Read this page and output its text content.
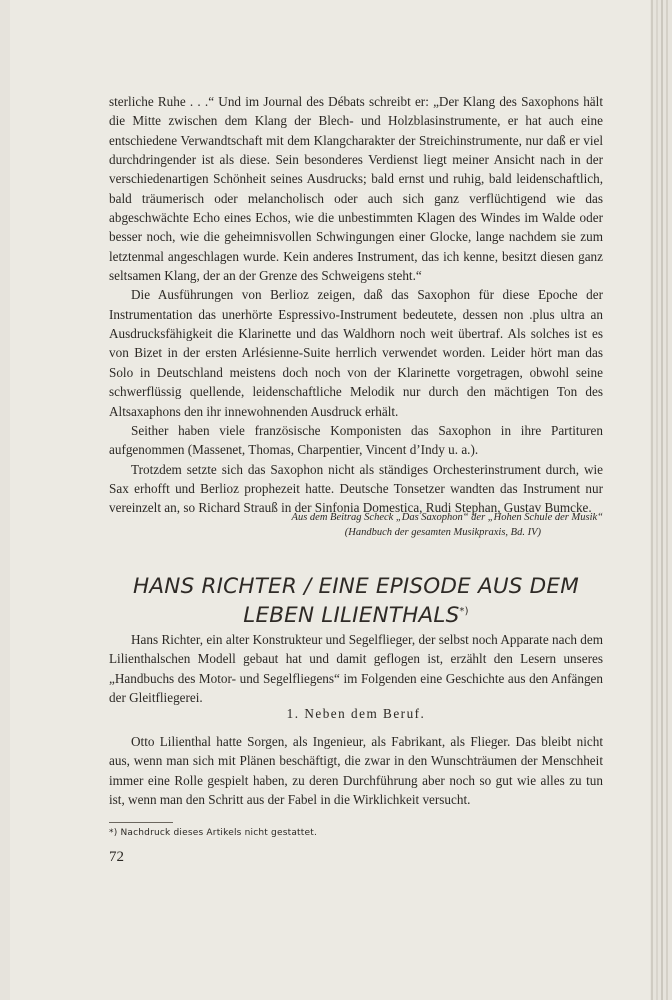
sterliche Ruhe . . .“ Und im Journal des Débats schreibt er: „Der Klang des Saxophons hält die Mitte zwischen dem Klang der Blech- und Holzblasinstrumente, er hat auch eine entschiedene Verwandtschaft mit dem Klangcharakter der Streichinstrumente, nur daß er viel durchdringender ist als diese. Sein besonderes Verdienst liegt meiner Ansicht nach in der verschiedenartigen Schönheit seines Ausdrucks; bald ernst und ruhig, bald leidenschaftlich, bald träumerisch oder melancholisch oder auch sich ganz verflüchtigend wie das abgeschwächte Echo eines Echos, wie die unbestimmten Klagen des Windes im Walde oder besser noch, wie die geheimnisvollen Schwingungen einer Glocke, lange nachdem sie zum letztenmal angeschlagen wurde. Kein anderes Instrument, das ich kenne, besitzt diesen ganz seltsamen Klang, der an der Grenze des Schweigens steht.“

Die Ausführungen von Berlioz zeigen, daß das Saxophon für diese Epoche der Instrumentation das unerhörte Espressivo-Instrument bedeutete, dessen non .plus ultra an Ausdrucksfähigkeit die Klarinette und das Waldhorn noch weit übertraf. Als solches ist es von Bizet in der ersten Arlésienne-Suite herrlich verwendet worden. Leider hört man das Solo in Deutschland meistens doch noch von der Klarinette vorgetragen, obwohl seine schwerflüssig quellende, leidenschaftliche Melodik nur durch den mächtigen Ton des Altsaxaphons den ihr innewohnenden Ausdruck erhält.

Seither haben viele französische Komponisten das Saxophon in ihre Partituren aufgenommen (Massenet, Thomas, Charpentier, Vincent d’Indy u. a.).

Trotzdem setzte sich das Saxophon nicht als ständiges Orchesterinstrument durch, wie Sax erhofft und Berlioz prophezeit hatte. Deutsche Tonsetzer wandten das Instrument nur vereinzelt an, so Richard Strauß in der Sinfonia Domestica, Rudi Stephan, Gustav Bumcke.

Aus dem Beitrag Scheck „Das Saxophon“ der „Hohen Schule der Musik“
(Handbuch der gesamten Musikpraxis, Bd. IV)
HANS RICHTER / EINE EPISODE AUS DEM
LEBEN LILIENTHALS*)

Hans Richter, ein alter Konstrukteur und Segelflieger, der selbst noch Apparate nach dem Lilienthalschen Modell gebaut hat und damit geflogen ist, erzählt den Lesern unseres „Handbuchs des Motor- und Segelfliegens“ im Folgenden eine Geschichte aus den Anfängen der Gleitfliegerei.

1. Neben dem Beruf.

Otto Lilienthal hatte Sorgen, als Ingenieur, als Fabrikant, als Flieger. Das bleibt nicht aus, wenn man sich mit Plänen beschäftigt, die zwar in den Wunschträumen der Menschheit immer eine Rolle gespielt haben, zu deren Durchführung aber noch so gut wie alles zu tun ist, wenn man den Schritt aus der Fabel in die Wirklichkeit versucht.

*) Nachdruck dieses Artikels nicht gestattet.
72
